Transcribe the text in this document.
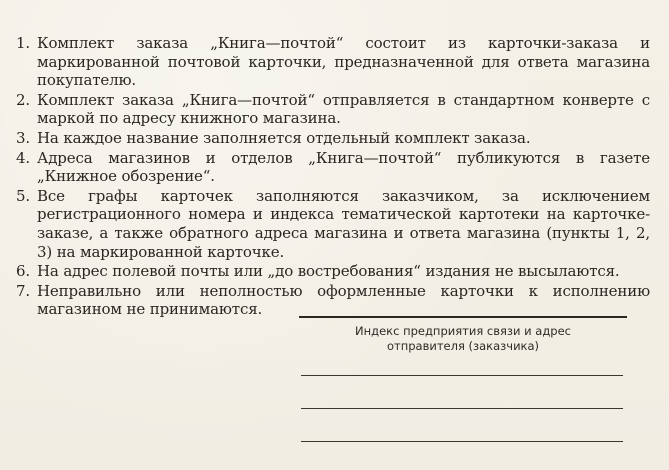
1. Комплект заказа „Книга—почтой“ состоит из карточки-заказа и маркированной почтовой карточки, предназначенной для ответа магазина покупателю.
2. Комплект заказа „Книга—почтой“ отправляется в стандартном конверте с маркой по адресу книжного магазина.
3. На каждое название заполняется отдельный комплект заказа.
4. Адреса магазинов и отделов „Книга—почтой“ публикуются в газете „Книжное обозрение“.
5. Все графы карточек заполняются заказчиком, за исключением регистрационного номера и индекса тематической картотеки на карточке-заказе, а также обратного адреса магазина и ответа магазина (пункты 1, 2, 3) на маркированной карточке.
6. На адрес полевой почты или „до востребования“ издания не высылаются.
7. Неправильно или неполностью оформленные карточки к исполнению магазином не принимаются.
Индекс предприятия связи и адрес
отправителя (заказчика)
